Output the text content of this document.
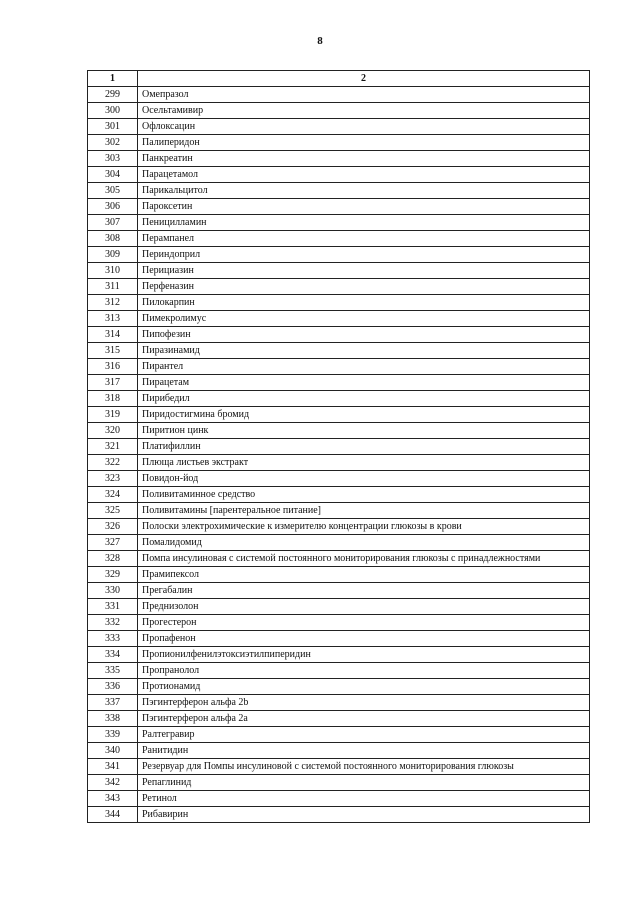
8
1	2
299	Омепразол
300	Осельтамивир
301	Офлоксацин
302	Палиперидон
303	Панкреатин
304	Парацетамол
305	Парикальцитол
306	Пароксетин
307	Пеницилламин
308	Перампанел
309	Периндоприл
310	Перициазин
311	Перфеназин
312	Пилокарпин
313	Пимекролимус
314	Пипофезин
315	Пиразинамид
316	Пирантел
317	Пирацетам
318	Пирибедил
319	Пиридостигмина бромид
320	Пиритион цинк
321	Платифиллин
322	Плюща листьев экстракт
323	Повидон-йод
324	Поливитаминное средство
325	Поливитамины [парентеральное питание]
326	Полоски электрохимические к измерителю концентрации глюкозы в крови
327	Помалидомид
328	Помпа инсулиновая с системой постоянного мониторирования глюкозы с принадлежностями
329	Прамипексол
330	Прегабалин
331	Преднизолон
332	Прогестерон
333	Пропафенон
334	Пропионилфенилэтоксиэтилпиперидин
335	Пропранолол
336	Протионамид
337	Пэгинтерферон альфа 2b
338	Пэгинтерферон альфа 2а
339	Ралтегравир
340	Ранитидин
341	Резервуар для Помпы инсулиновой с системой постоянного мониторирования глюкозы
342	Репаглинид
343	Ретинол
344	Рибавирин
